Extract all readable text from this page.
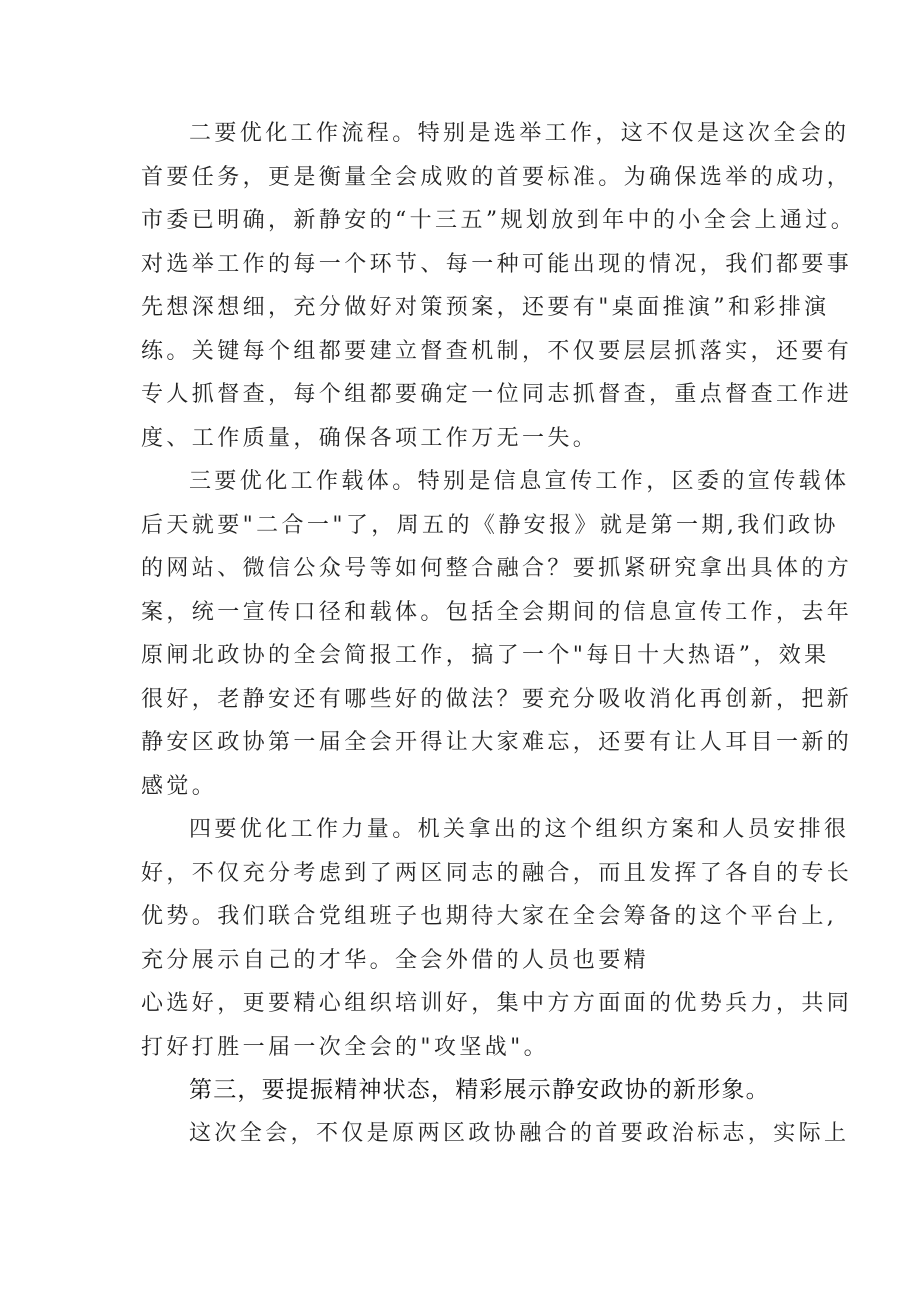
二要优化工作流程。特别是选举工作，这不仅是这次全会的
首要任务，更是衡量全会成败的首要标准。为确保选举的成功，
市委已明确，新静安的“十三五”规划放到年中的小全会上通过。
对选举工作的每一个环节、每一种可能出现的情况，我们都要事
先想深想细，充分做好对策预案，还要有"桌面推演”和彩排演
练。关键每个组都要建立督查机制，不仅要层层抓落实，还要有
专人抓督查，每个组都要确定一位同志抓督查，重点督查工作进
度、工作质量，确保各项工作万无一失。
三要优化工作载体。特别是信息宣传工作，区委的宣传载体
后天就要"二合一"了，周五的《静安报》就是第一期,我们政协
的网站、微信公众号等如何整合融合？要抓紧研究拿出具体的方
案，统一宣传口径和载体。包括全会期间的信息宣传工作，去年
原闸北政协的全会简报工作，搞了一个"每日十大热语”，效果
很好，老静安还有哪些好的做法？要充分吸收消化再创新，把新
静安区政协第一届全会开得让大家难忘，还要有让人耳目一新的
感觉。
四要优化工作力量。机关拿出的这个组织方案和人员安排很
好，不仅充分考虑到了两区同志的融合，而且发挥了各自的专长
优势。我们联合党组班子也期待大家在全会筹备的这个平台上,
充分展示自己的才华。全会外借的人员也要精
心选好，更要精心组织培训好，集中方方面面的优势兵力，共同
打好打胜一届一次全会的"攻坚战"。
第三，要提振精神状态，精彩展示静安政协的新形象。
这次全会，不仅是原两区政协融合的首要政治标志，实际上
